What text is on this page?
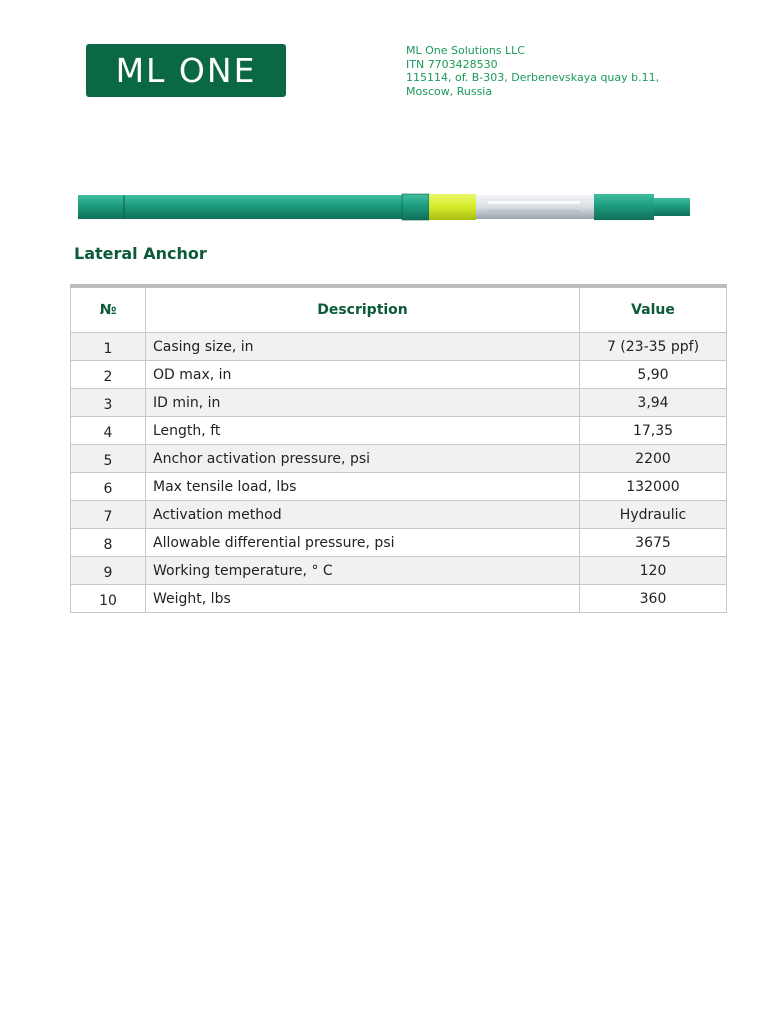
ML ONE
ML One Solutions LLC
ITN 7703428530
115114, of. B-303, Derbenevskaya quay b.11, Moscow, Russia
Lateral Anchor
№	Description	Value
1	Casing size, in	7 (23-35 ppf)
2	OD max, in	5,90
3	ID min, in	3,94
4	Length, ft	17,35
5	Anchor activation pressure, psi	2200
6	Max tensile load, lbs	132000
7	Activation method	Hydraulic
8	Allowable differential pressure, psi	3675
9	Working temperature, ° C	120
10	Weight, lbs	360
